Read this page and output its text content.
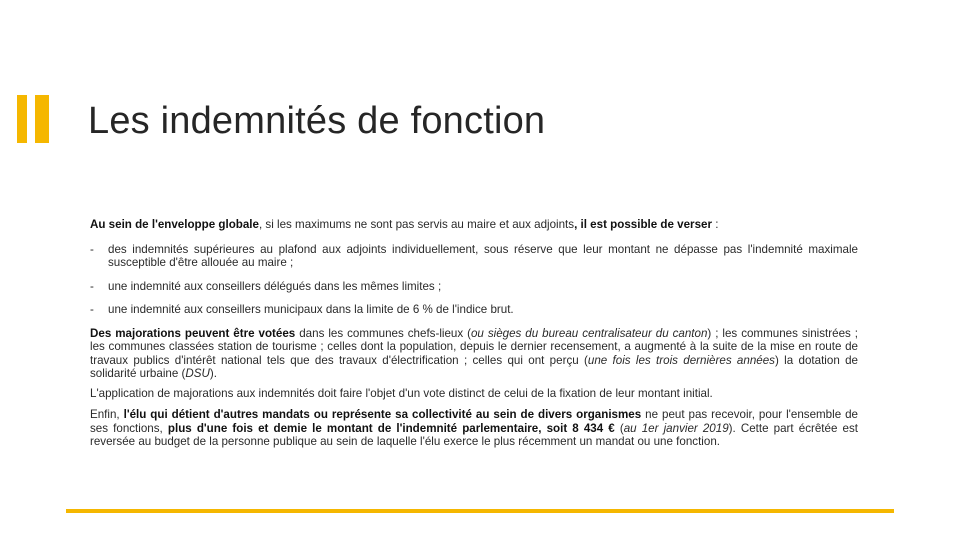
Les indemnités de fonction

Au sein de l'enveloppe globale, si les maximums ne sont pas servis au maire et aux adjoints, il est possible de verser :

-	des indemnités supérieures au plafond aux adjoints individuellement, sous réserve que leur montant ne dépasse pas l'indemnité maximale susceptible d'être allouée au maire ;
-	une indemnité aux conseillers délégués dans les mêmes limites ;
-	une indemnité aux conseillers municipaux dans la limite de 6 % de l'indice brut.

Des majorations peuvent être votées dans les communes chefs-lieux (ou sièges du bureau centralisateur du canton) ; les communes sinistrées ; les communes classées station de tourisme ; celles dont la population, depuis le dernier recensement, a augmenté à la suite de la mise en route de travaux publics d'intérêt national tels que des travaux d'électrification ; celles qui ont perçu (une fois les trois dernières années) la dotation de solidarité urbaine (DSU).

L'application de majorations aux indemnités doit faire l'objet d'un vote distinct de celui de la fixation de leur montant initial.

Enfin, l'élu qui détient d'autres mandats ou représente sa collectivité au sein de divers organismes ne peut pas recevoir, pour l'ensemble de ses fonctions, plus d'une fois et demie le montant de l'indemnité parlementaire, soit 8 434 € (au 1er janvier 2019). Cette part écrêtée est reversée au budget de la personne publique au sein de laquelle l'élu exerce le plus récemment un mandat ou une fonction.
